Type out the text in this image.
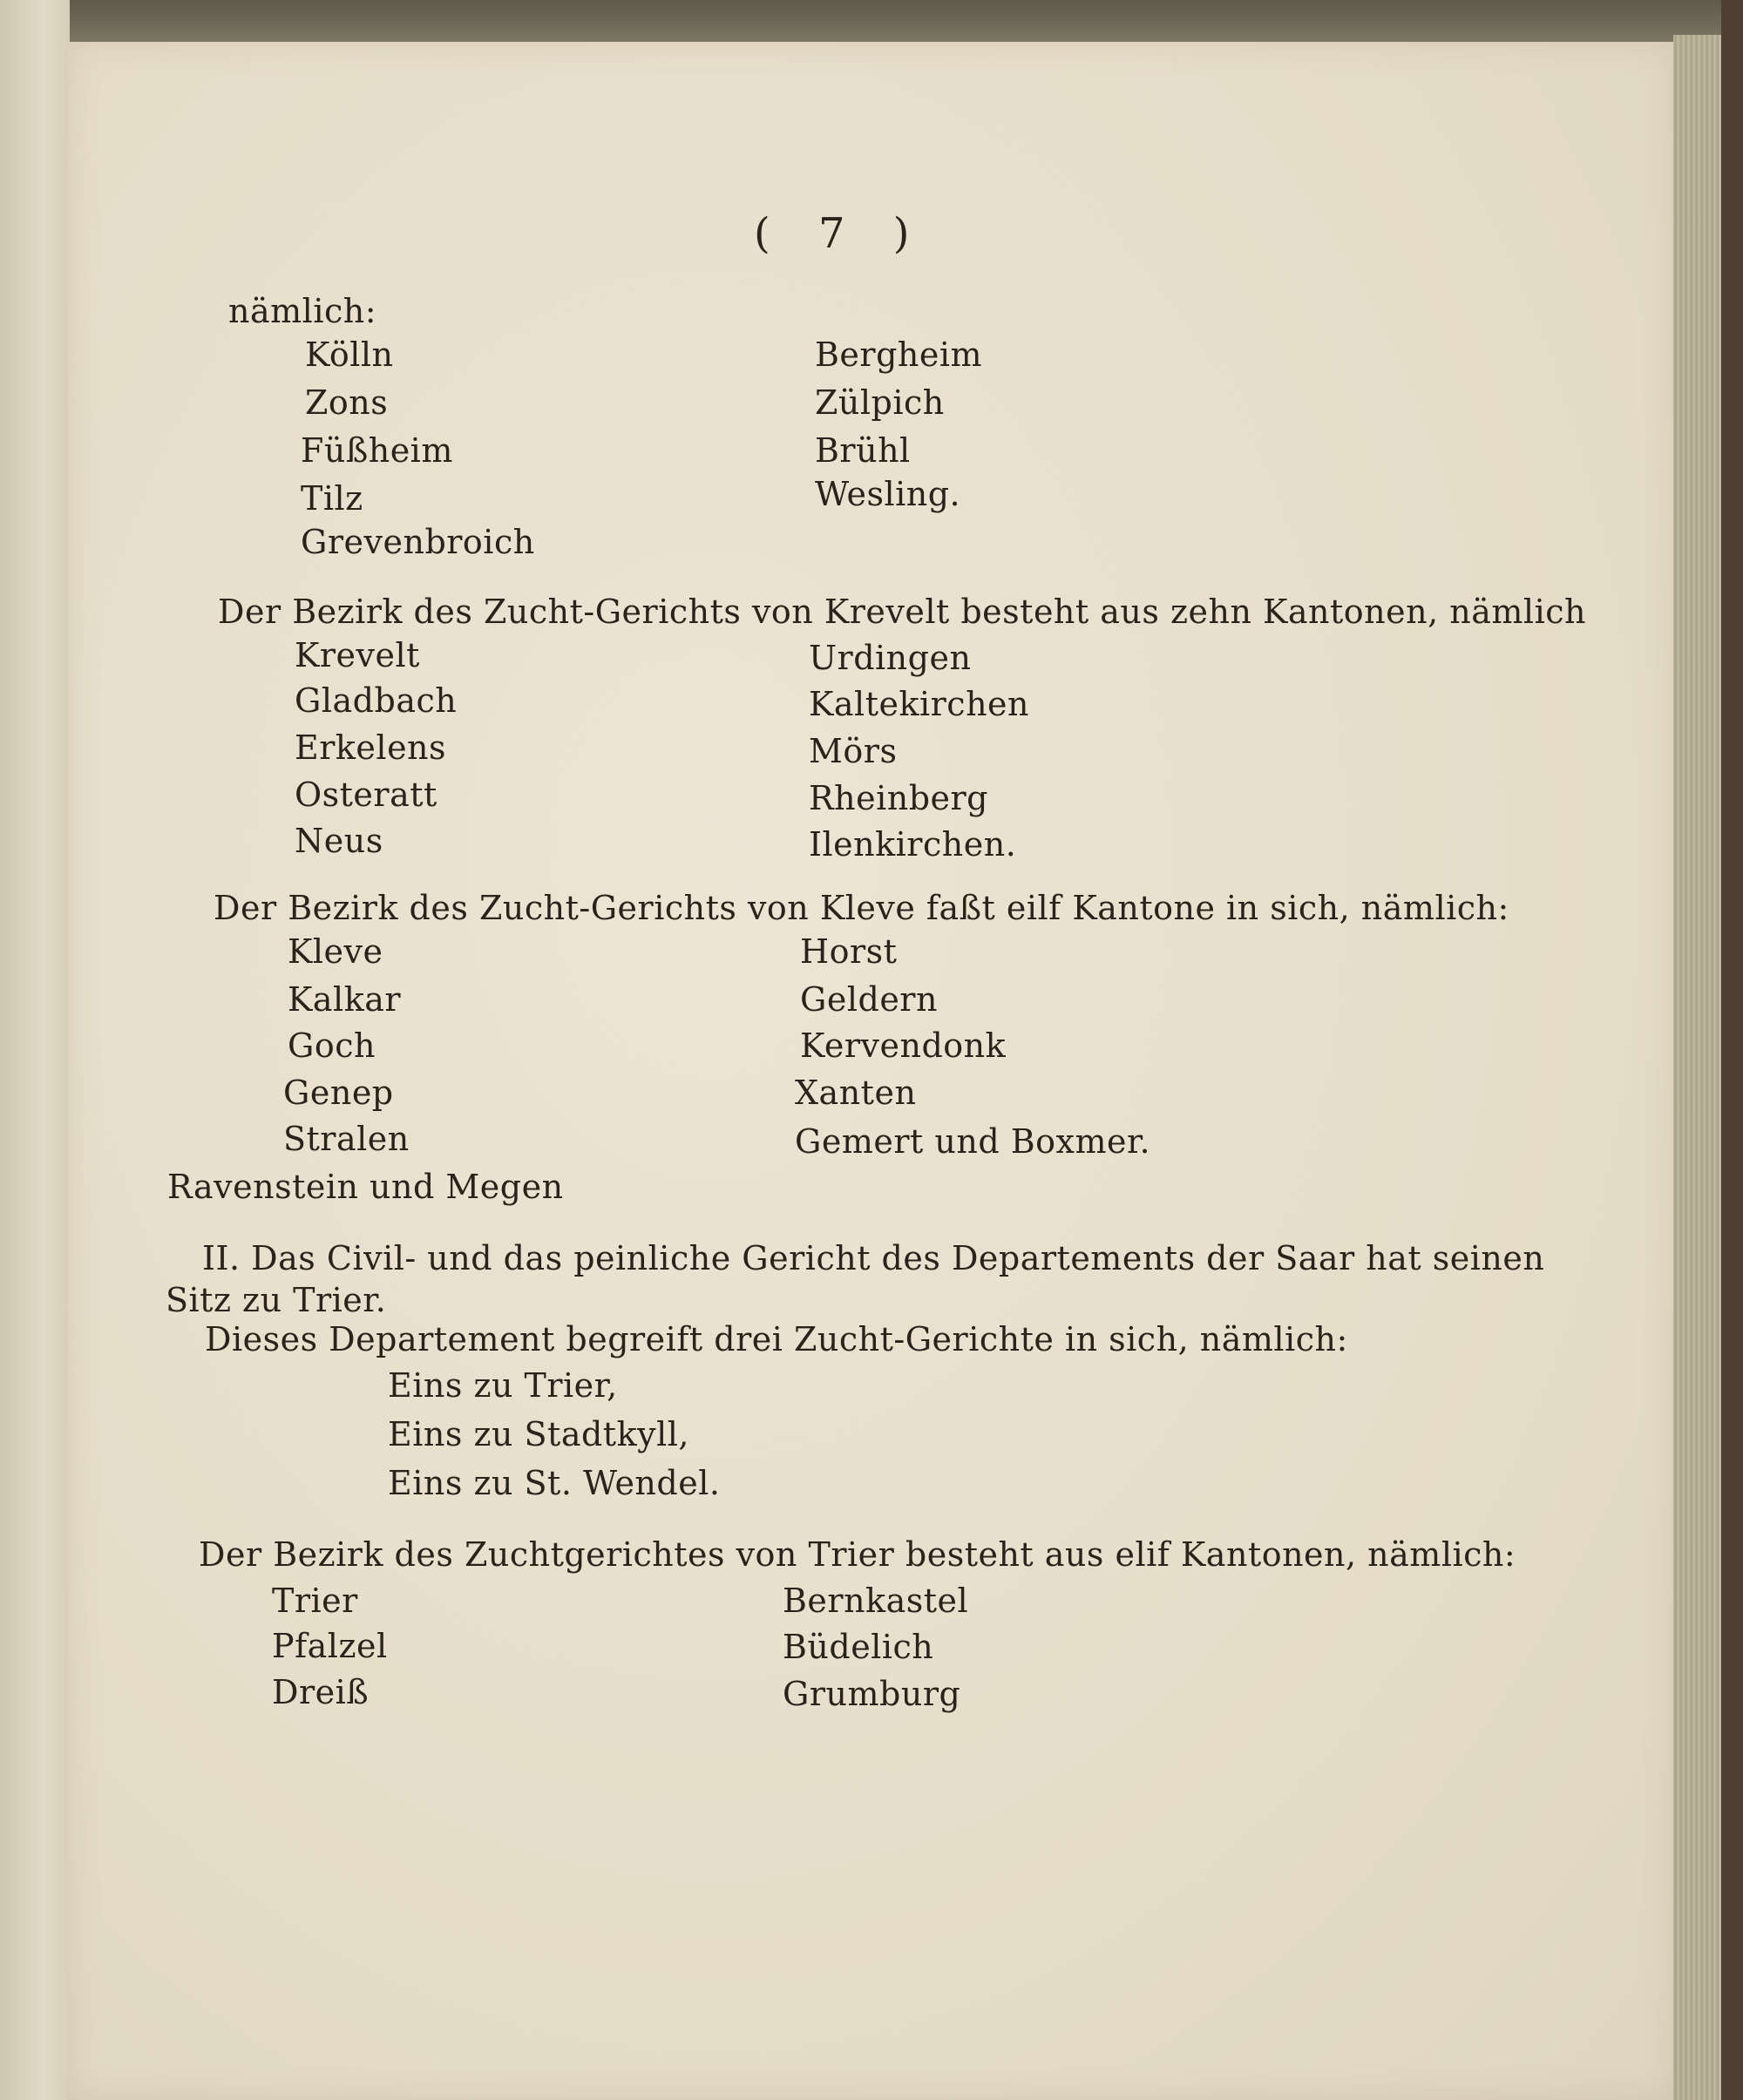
( 7 )
nämlich:
Kölln
Zons
Füßheim
Tilz
Grevenbroich
Bergheim
Zülpich
Brühl
Wesling.
Der Bezirk des Zucht-Gerichts von Krevelt besteht aus zehn Kantonen, nämlich
Krevelt
Gladbach
Erkelens
Osteratt
Neus
Urdingen
Kaltekirchen
Mörs
Rheinberg
Ilenkirchen.
Der Bezirk des Zucht-Gerichts von Kleve faßt eilf Kantone in sich, nämlich:
Kleve
Kalkar
Goch
Genep
Stralen
Ravenstein und Megen
Horst
Geldern
Kervendonk
Xanten
Gemert und Boxmer.
II. Das Civil- und das peinliche Gericht des Departements der Saar hat seinen
Sitz zu Trier.
Dieses Departement begreift drei Zucht-Gerichte in sich, nämlich:
Eins zu Trier,
Eins zu Stadtkyll,
Eins zu St. Wendel.
Der Bezirk des Zuchtgerichtes von Trier besteht aus elif Kantonen, nämlich:
Trier
Pfalzel
Dreiß
Bernkastel
Büdelich
Grumburg
